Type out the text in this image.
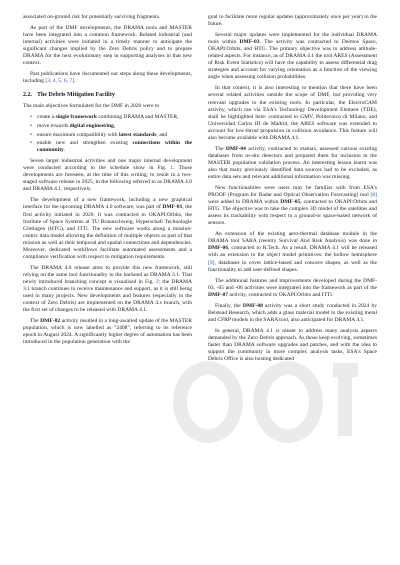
associated on-ground risk for potentially surviving fragments.

As part of the DMF developments, the DRAMA tools and MASTER have been integrated into a common framework. Related industrial (and internal) activities were initiated in a timely manner to anticipate the significant changes implied by the Zero Debris policy and to prepare DRAMA for the next evolutionary step in supporting analyses in that new context.

Past publications have documented our steps along these developments, including [3, 4, 5, 6, 7].

2.2. The Debris Mitigation Facility

The main objectives formulated for the DMF in 2020 were to

• create a single framework combining DRAMA and MASTER,
• move towards digital engineering,
• ensure maximum compatibility with latest standards, and
• enable new and strengthen existing connections within the community.

Seven larger industrial activities and one major internal development were conducted according to the schedule show in Fig. 1. Those developments are foreseen, at the time of this writing, to result in a two-staged software release in 2025, in the following referred to as DRAMA 4.0 and DRAMA 4.1, respectively.

The development of a new framework, including a new graphical interface for the upcoming DRAMA 4.0 software, was part of DMF-01, the first activity initiated in 2020. It was contracted to OKAPI:Orbits, the Institute of Space Systems at TU Braunschweig, Hyperschall Technologie Göttingen (HTG), and ITTi. The new software works along a mission-centric data model allowing the definition of multiple objects as part of that mission as well as their temporal and spatial connections and dependencies. Moreover, dedicated workflows facilitate automated assessments and a compliance verification with respect to mitigation requirements.

The DRAMA 4.0 release aims to provide this new framework, still relying on the same tool functionality in the backend as DRAMA 3.1. That newly introduced branching concept is visualised in Fig. 2: the DRAMA 3.1 branch continues to receive maintenance and support, as it is still being used in many projects. New developments and features (especially in the context of Zero Debris) are implemented on the DRAMA 4.x branch, with the first set of changes to be released with DRAMA 4.1.

The DMF-02 activity resulted in a long-awaited update of the MASTER population, which is now labelled as "2408", referring to its reference epoch in August 2024. A significantly higher degree of automation has been introduced in the population generation with the

goal to facilitate more regular updates (approximately once per year) in the future.

Several major updates were implemented for the individual DRAMA tools within DMF-03. The activity was contracted to Deimos Space, OKAPI:Orbits, and HTG. The primary objective was to address attitude-related aspects. For instance, as of DRAMA 4.1 the tool ARES (Assessment of Risk Event Statistics) will have the capability to assess differential drag strategies and account for varying orientation as a function of the viewing angle when assessing collision probabilities.

In that context, it is also interesting to mention that there have been several related activities outside the scope of DMF, but providing very relevant upgrades to the existing tools. In particular, the ElectroCAM activity, which ran via ESA's Technology Development Element (TDE), shall be highlighted here: contracted to GMV, Politecnico di Milano, and Universidad Carlos III de Madrid, the ARES software was extended to account for low-thrust propulsion in collision avoidance. This feature will also become available with DRAMA 4.1.

The DMF-04 activity, contracted to etamax, assessed various existing databases from in-situ detectors and prepared them for inclusion in the MASTER population validation process. An interesting lesson learnt was also that many previously identified data sources had to be excluded, as entire data sets and relevant additional information was missing.

New functionalities were users may be familiar with from ESA's PROOF (Program for Radar and Optical Observation Forecasting) tool [8] were added to DRAMA within DMF-05, contracted to OKAPI:Orbits and HTG. The objective was to take the complex 3D model of the satellites and assess its trackability with respect to a ground-or space-based network of sensors.

An extension of the existing aero-thermal database module in the DRAMA tool SARA (reentry Survival And Risk Analysis) was done in DMF-06, contracted to R.Tech. As a result, DRAMA 4.1 will be released with an extension to the object model primitives: the hollow hemisphere [9], databases to cover lattice-based and concave shapes, as well as the functionality to add user-defined shapes.

The additional features and improvements developed during the DMF-03, -05 and -06 activities were integrated into the framework as part of the DMF-07 activity, contracted to OKAPI:Orbits and ITTi.

Finally, the DMF-08 activity was a short study conducted in 2024 by Belstead Research, which adds a glass material model to the existing metal and CFRP models in the SARA tool, also anticipated for DRAMA 4.1.

In general, DRAMA 4.1 is meant to address many analysis aspects demanded by the Zero Debris approach. As those keep evolving, sometimes faster than DRAMA software upgrades and patches, and with the idea to support the community in more complex analysis tasks, ESA's Space Debris Office is also hosting dedicated
